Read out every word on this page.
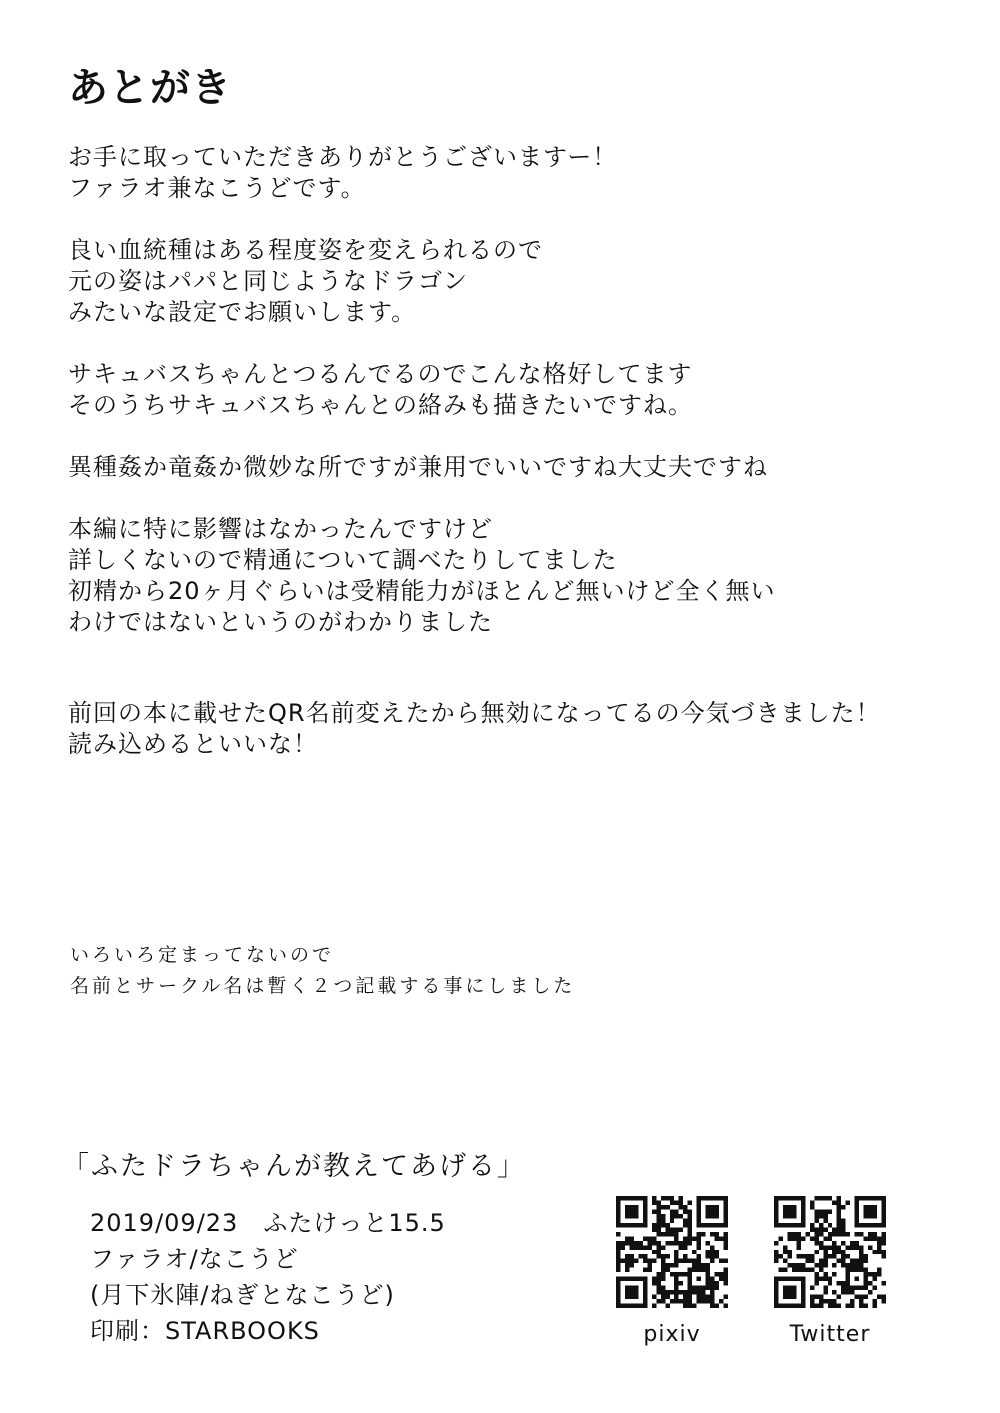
あとがき

お手に取っていただきありがとうございますー！
ファラオ兼なこうどです。

良い血統種はある程度姿を変えられるので
元の姿はパパと同じようなドラゴン
みたいな設定でお願いします。

サキュバスちゃんとつるんでるのでこんな格好してます
そのうちサキュバスちゃんとの絡みも描きたいですね。

異種姦か竜姦か微妙な所ですが兼用でいいですね大丈夫ですね

本編に特に影響はなかったんですけど
詳しくないので精通について調べたりしてました
初精から20ヶ月ぐらいは受精能力がほとんど無いけど全く無い
わけではないというのがわかりました

前回の本に載せたQR名前変えたから無効になってるの今気づきました！
読み込めるといいな！

いろいろ定まってないので
名前とサークル名は暫く２つ記載する事にしました

「ふたドラちゃんが教えてあげる」

2019/09/23　ふたけっと15.5
ファラオ/なこうど
(月下氷陣/ねぎとなこうど)
印刷：STARBOOKS	pixiv	Twitter
